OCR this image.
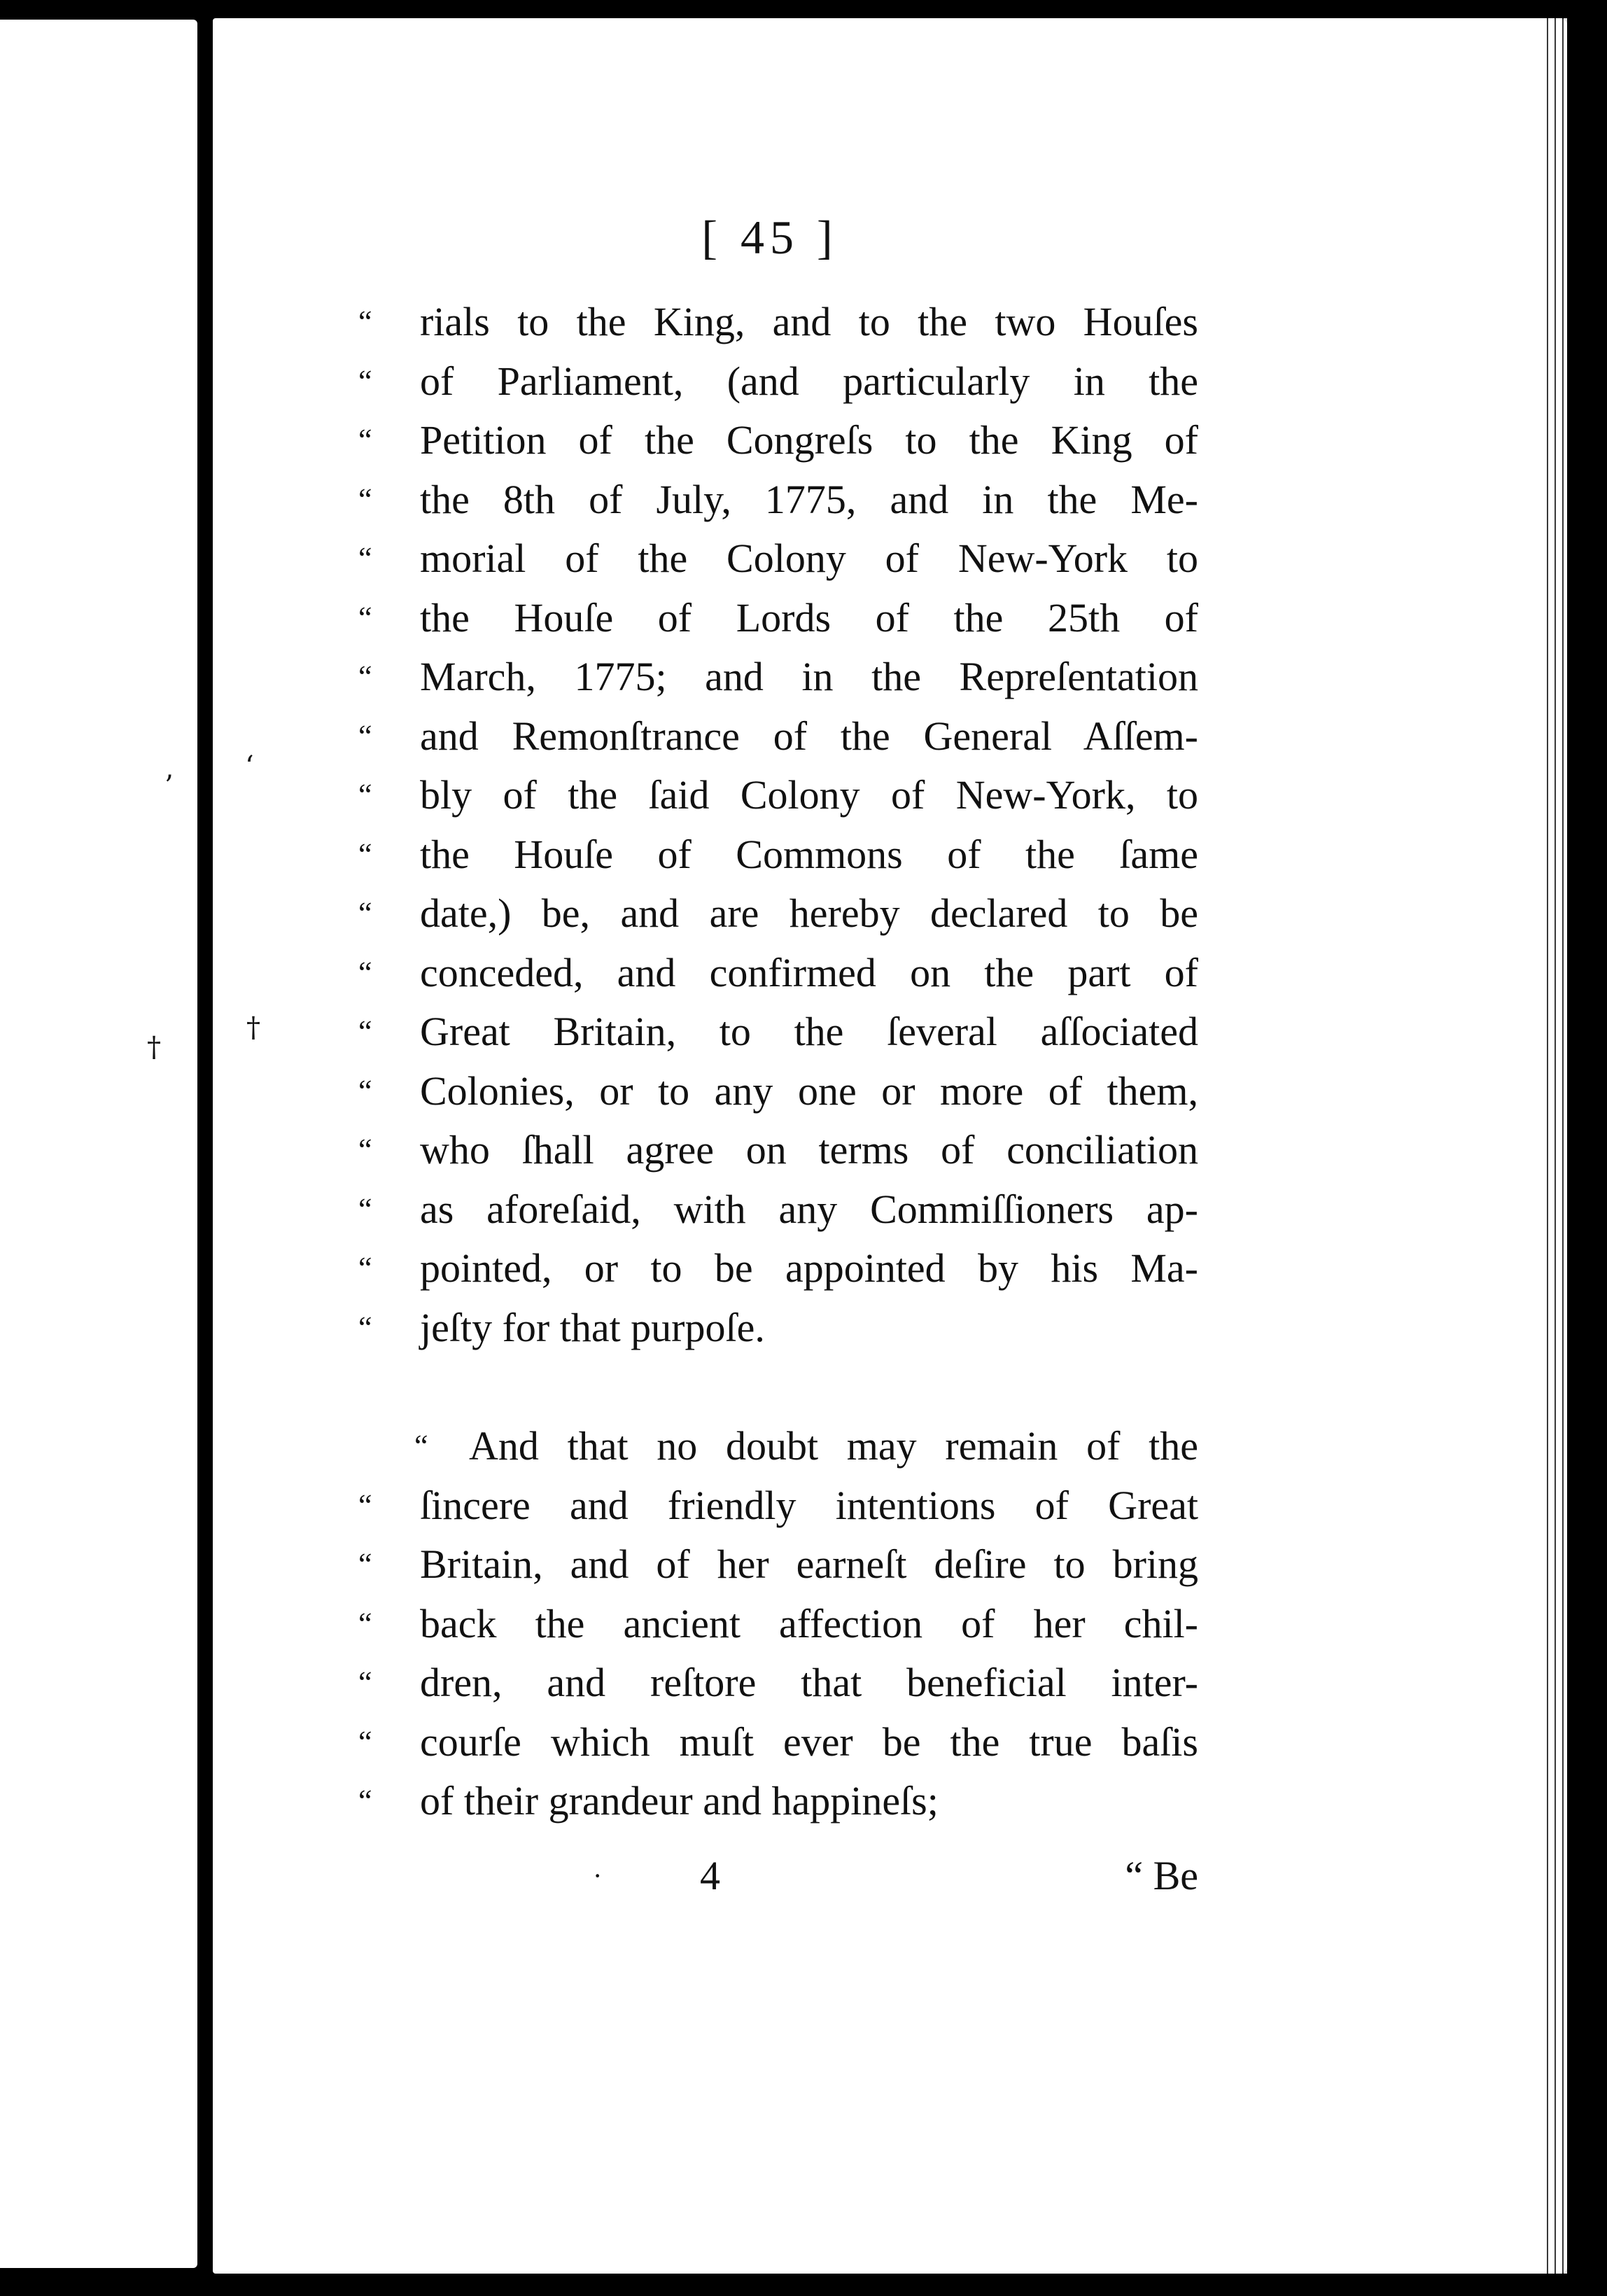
’
†
‘
†
[ 45 ]
“	rials to the King, and to the two Houſes
“	of Parliament, (and particularly in the
“	Petition of the Congreſs to the King of
“	the 8th of July, 1775, and in the Me-
“	morial of the Colony of New-York to
“	the Houſe of Lords of the 25th of
“	March, 1775; and in the Repreſentation
“	and Remonſtrance of the General Aſſem-
“	bly of the ſaid Colony of New-York, to
“	the Houſe of Commons of the ſame
“	date,) be, and are hereby declared to be
“	conceded, and confirmed on the part of
“	Great Britain, to the ſeveral aſſociated
“	Colonies, or to any one or more of them,
“	who ſhall agree on terms of conciliation
“	as aforeſaid, with any Commiſſioners ap-
“	pointed, or to be appointed by his Ma-
“	jeſty for that purpoſe.
“	And that no doubt may remain of the
“	ſincere and friendly intentions of Great
“	Britain, and of her earneſt deſire to bring
“	back the ancient affection of her chil-
“	dren, and reſtore that beneficial inter-
“	courſe which muſt ever be the true baſis
“	of their grandeur and happineſs;
· 4	“ Be
